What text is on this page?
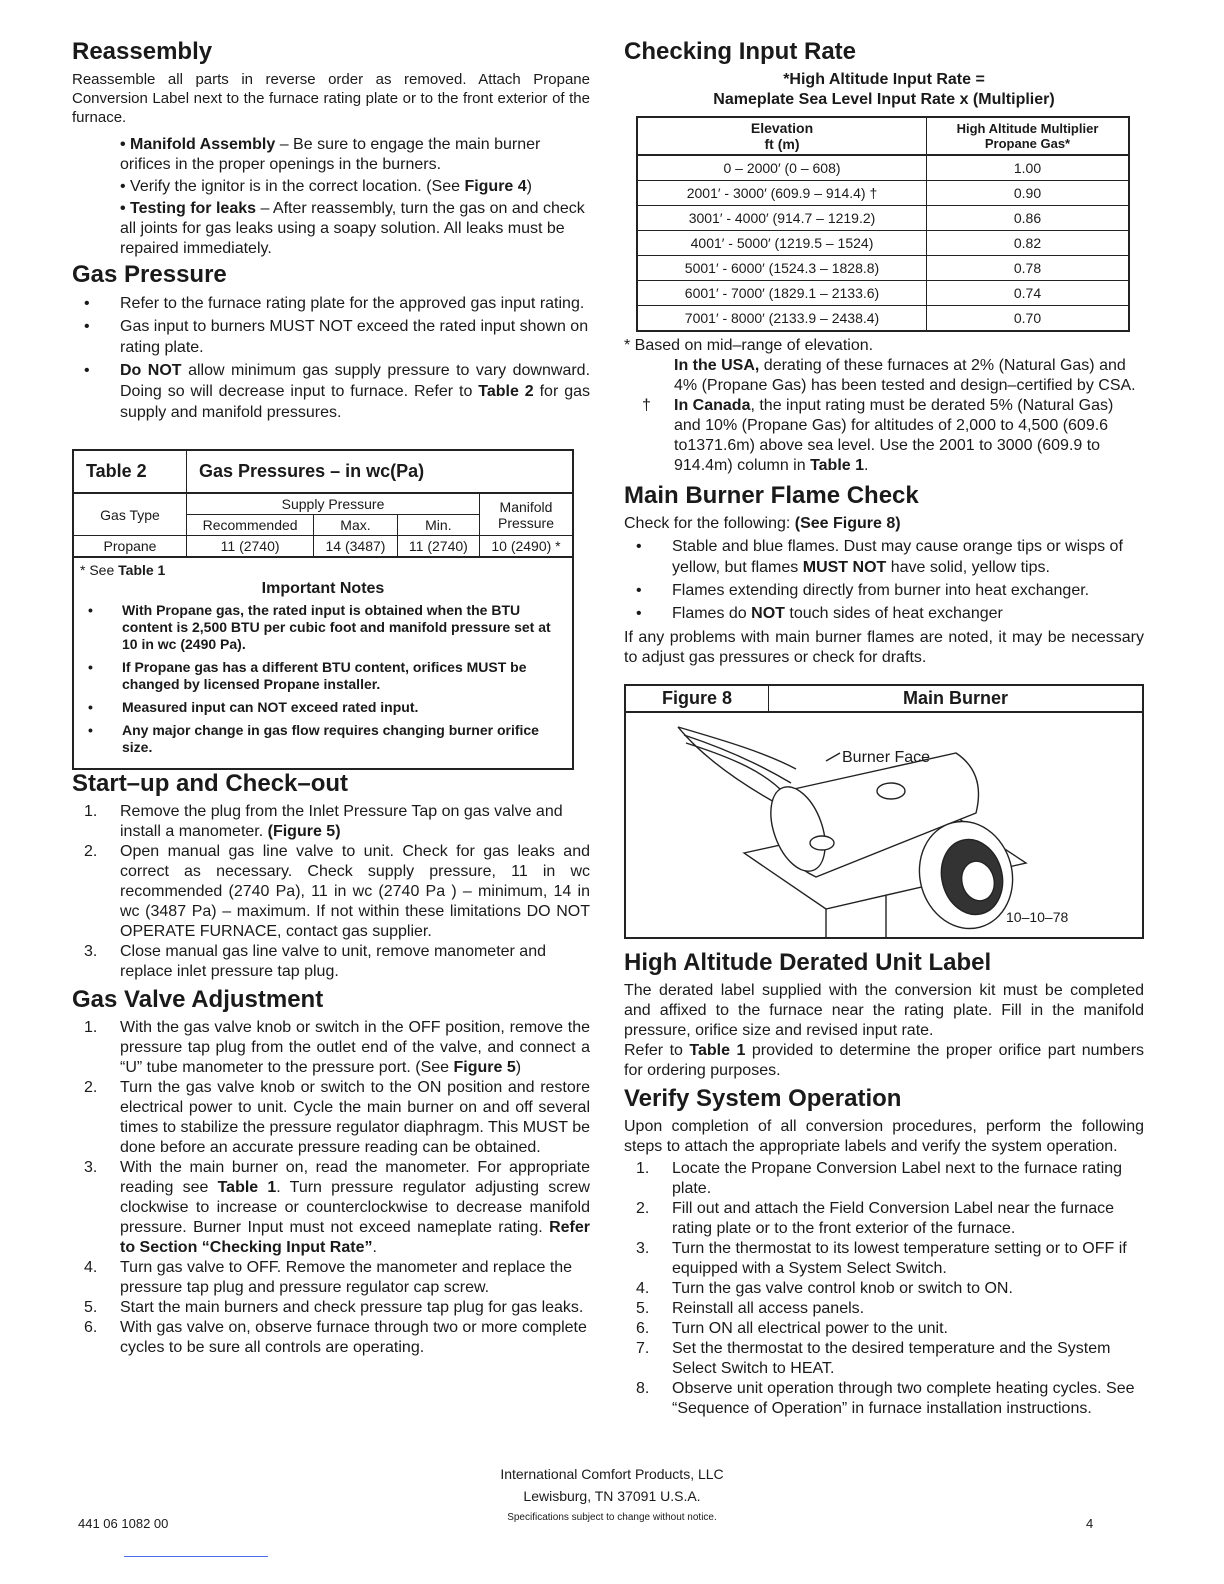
Reassembly

Reassemble all parts in reverse order as removed. Attach Propane Conversion Label next to the furnace rating plate or to the front exterior of the furnace.

• Manifold Assembly – Be sure to engage the main burner orifices in the proper openings in the burners.
• Verify the ignitor is in the correct location. (See Figure 4)
• Testing for leaks – After reassembly, turn the gas on and check all joints for gas leaks using a soapy solution. All leaks must be repaired immediately.
Gas Pressure
• Refer to the furnace rating plate for the approved gas input rating.
• Gas input to burners MUST NOT exceed the rated input shown on rating plate.
• Do NOT allow minimum gas supply pressure to vary downward. Doing so will decrease input to furnace. Refer to Table 2 for gas supply and manifold pressures.
Table 2	Gas Pressures – in wc(Pa)			
Gas Type	Supply Pressure			Manifold Pressure
	Recommended	Max.	Min.	
Propane	11 (2740)	14 (3487)	11 (2740)	10 (2490) *
* See Table 1
Important Notes
• With Propane gas, the rated input is obtained when the BTU content is 2,500 BTU per cubic foot and manifold pressure set at 10 in wc (2490 Pa).
• If Propane gas has a different BTU content, orifices MUST be changed by licensed Propane installer.
• Measured input can NOT exceed rated input.
• Any major change in gas flow requires changing burner orifice size.
Start–up and Check–out
1. Remove the plug from the Inlet Pressure Tap on gas valve and install a manometer. (Figure 5)
2. Open manual gas line valve to unit. Check for gas leaks and correct as necessary. Check supply pressure, 11 in wc recommended (2740 Pa), 11 in wc (2740 Pa ) – minimum, 14 in wc (3487 Pa) – maximum. If not within these limitations DO NOT OPERATE FURNACE, contact gas supplier.
3. Close manual gas line valve to unit, remove manometer and replace inlet pressure tap plug.
Gas Valve Adjustment
1. With the gas valve knob or switch in the OFF position, remove the pressure tap plug from the outlet end of the valve, and connect a “U” tube manometer to the pressure port. (See Figure 5)
2. Turn the gas valve knob or switch to the ON position and restore electrical power to unit. Cycle the main burner on and off several times to stabilize the pressure regulator diaphragm. This MUST be done before an accurate pressure reading can be obtained.
3. With the main burner on, read the manometer. For appropriate reading see Table 1. Turn pressure regulator adjusting screw clockwise to increase or counterclockwise to decrease manifold pressure. Burner Input must not exceed nameplate rating. Refer to Section “Checking Input Rate”.
4. Turn gas valve to OFF. Remove the manometer and replace the pressure tap plug and pressure regulator cap screw.
5. Start the main burners and check pressure tap plug for gas leaks.
6. With gas valve on, observe furnace through two or more complete cycles to be sure all controls are operating.
Checking Input Rate

*High Altitude Input Rate =

Nameplate Sea Level Input Rate x (Multiplier)

Elevation
ft (m)	High Altitude Multiplier
Propane Gas*
0 – 2000′ (0 – 608)	1.00
2001′ - 3000′ (609.9 – 914.4) †	0.90
3001′ - 4000′ (914.7 – 1219.2)	0.86
4001′ - 5000′ (1219.5 – 1524)	0.82
5001′ - 6000′ (1524.3 – 1828.8)	0.78
6001′ - 7000′ (1829.1 – 2133.6)	0.74
7001′ - 8000′ (2133.9 – 2438.4)	0.70

* Based on mid–range of elevation.

In the USA, derating of these furnaces at 2% (Natural Gas) and 4% (Propane Gas) has been tested and design–certified by CSA.

† In Canada, the input rating must be derated 5% (Natural Gas) and 10% (Propane Gas) for altitudes of 2,000 to 4,500 (609.6 to1371.6m) above sea level. Use the 2001 to 3000 (609.9 to 914.4m) column in Table 1.

Main Burner Flame Check

Check for the following: (See Figure 8)

• Stable and blue flames. Dust may cause orange tips or wisps of yellow, but flames MUST NOT have solid, yellow tips.
• Flames extending directly from burner into heat exchanger.
• Flames do NOT touch sides of heat exchanger

If any problems with main burner flames are noted, it may be necessary to adjust gas pressures or check for drafts.

Figure 8	Main Burner
Burner Face
10–10–78
High Altitude Derated Unit Label

The derated label supplied with the conversion kit must be completed and affixed to the furnace near the rating plate. Fill in the manifold pressure, orifice size and revised input rate.

Refer to Table 1 provided to determine the proper orifice part numbers for ordering purposes.

Verify System Operation

Upon completion of all conversion procedures, perform the following steps to attach the appropriate labels and verify the system operation.

1. Locate the Propane Conversion Label next to the furnace rating plate.
2. Fill out and attach the Field Conversion Label near the furnace rating plate or to the front exterior of the furnace.
3. Turn the thermostat to its lowest temperature setting or to OFF if equipped with a System Select Switch.
4. Turn the gas valve control knob or switch to ON.
5. Reinstall all access panels.
6. Turn ON all electrical power to the unit.
7. Set the thermostat to the desired temperature and the System Select Switch to HEAT.
8. Observe unit operation through two complete heating cycles. See “Sequence of Operation” in furnace installation instructions.
International Comfort Products, LLC
Lewisburg, TN 37091 U.S.A.
Specifications subject to change without notice.
441 06 1082 00	4
